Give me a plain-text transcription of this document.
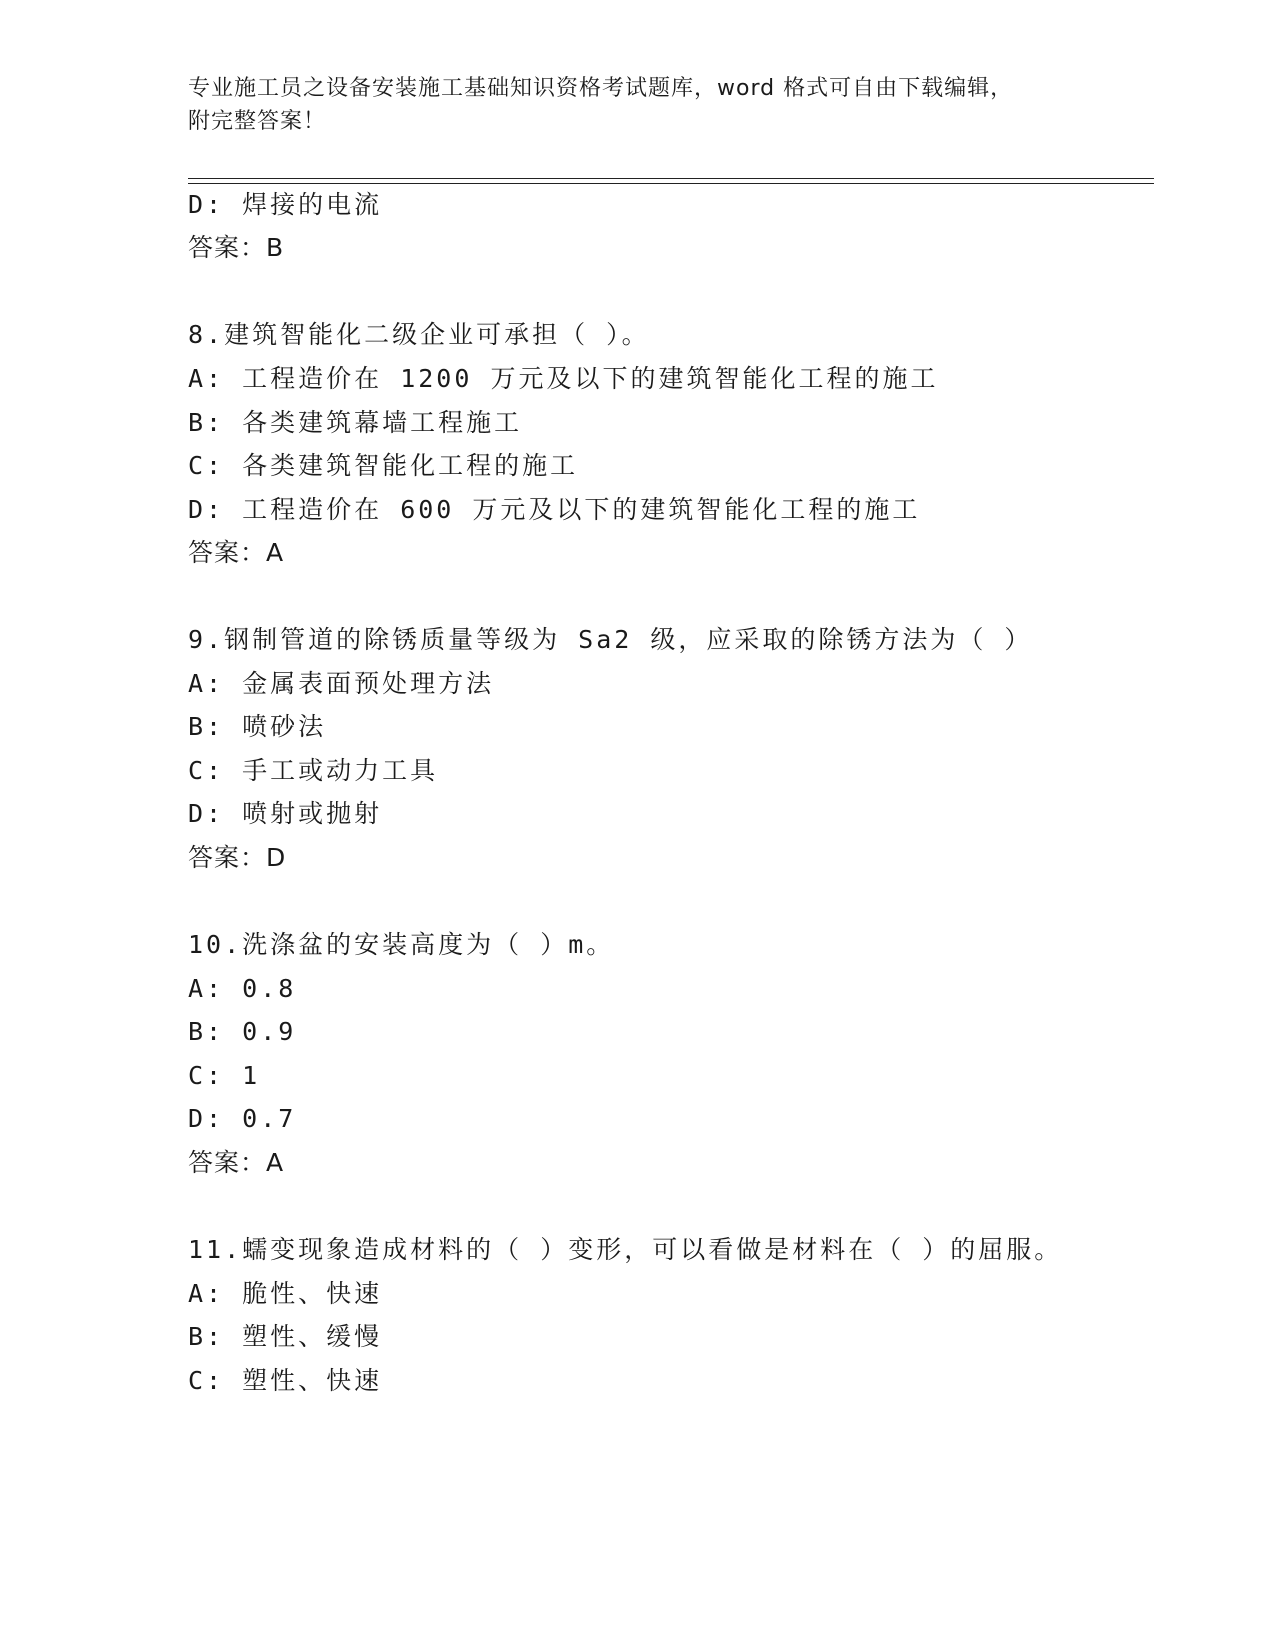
专业施工员之设备安装施工基础知识资格考试题库，word 格式可自由下载编辑，
附完整答案！
D: 焊接的电流
答案：B
8.建筑智能化二级企业可承担（ ）。
A: 工程造价在 1200 万元及以下的建筑智能化工程的施工
B: 各类建筑幕墙工程施工
C: 各类建筑智能化工程的施工
D: 工程造价在 600 万元及以下的建筑智能化工程的施工
答案：A
9.钢制管道的除锈质量等级为 Sa2 级，应采取的除锈方法为（ ）
A: 金属表面预处理方法
B: 喷砂法
C: 手工或动力工具
D: 喷射或抛射
答案：D
10.洗涤盆的安装高度为（ ）m。
A: 0.8
B: 0.9
C: 1
D: 0.7
答案：A
11.蠕变现象造成材料的（ ）变形，可以看做是材料在（ ）的屈服。
A: 脆性、快速
B: 塑性、缓慢
C: 塑性、快速
